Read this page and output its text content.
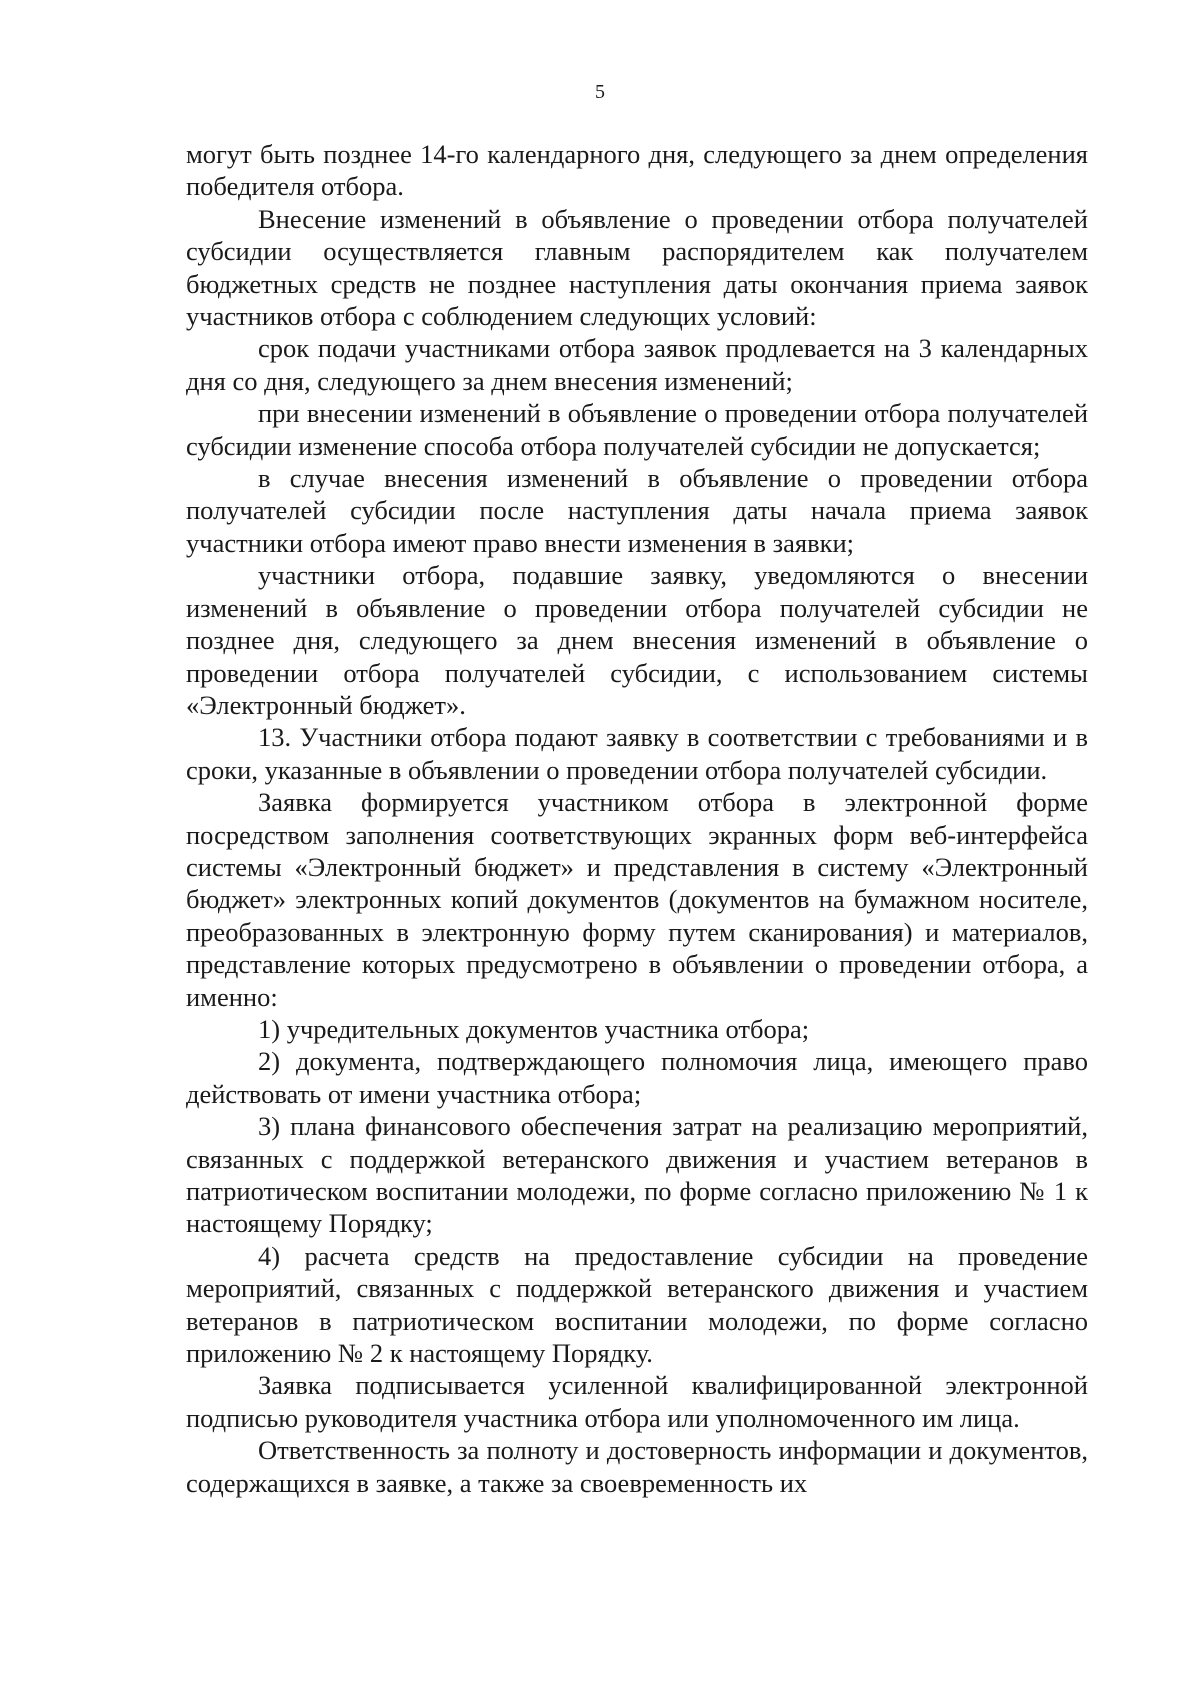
5

могут быть позднее 14-го календарного дня, следующего за днем определения победителя отбора.

Внесение изменений в объявление о проведении отбора получателей субсидии осуществляется главным распорядителем как получателем бюджетных средств не позднее наступления даты окончания приема заявок участников отбора с соблюдением следующих условий:

срок подачи участниками отбора заявок продлевается на 3 календарных дня со дня, следующего за днем внесения изменений;

при внесении изменений в объявление о проведении отбора получателей субсидии изменение способа отбора получателей субсидии не допускается;

в случае внесения изменений в объявление о проведении отбора получателей субсидии после наступления даты начала приема заявок участники отбора имеют право внести изменения в заявки;

участники отбора, подавшие заявку, уведомляются о внесении изменений в объявление о проведении отбора получателей субсидии не позднее дня, следующего за днем внесения изменений в объявление о проведении отбора получателей субсидии, с использованием системы «Электронный бюджет».

13. Участники отбора подают заявку в соответствии с требованиями и в сроки, указанные в объявлении о проведении отбора получателей субсидии.

Заявка формируется участником отбора в электронной форме посредством заполнения соответствующих экранных форм веб-интерфейса системы «Электронный бюджет» и представления в систему «Электронный бюджет» электронных копий документов (документов на бумажном носителе, преобразованных в электронную форму путем сканирования) и материалов, представление которых предусмотрено в объявлении о проведении отбора, а именно:

1) учредительных документов участника отбора;

2) документа, подтверждающего полномочия лица, имеющего право действовать от имени участника отбора;

3) плана финансового обеспечения затрат на реализацию мероприятий, связанных с поддержкой ветеранского движения и участием ветеранов в патриотическом воспитании молодежи, по форме согласно приложению № 1 к настоящему Порядку;

4) расчета средств на предоставление субсидии на проведение мероприятий, связанных с поддержкой ветеранского движения и участием ветеранов в патриотическом воспитании молодежи, по форме согласно приложению № 2 к настоящему Порядку.

Заявка подписывается усиленной квалифицированной электронной подписью руководителя участника отбора или уполномоченного им лица.

Ответственность за полноту и достоверность информации и документов, содержащихся в заявке, а также за своевременность их
